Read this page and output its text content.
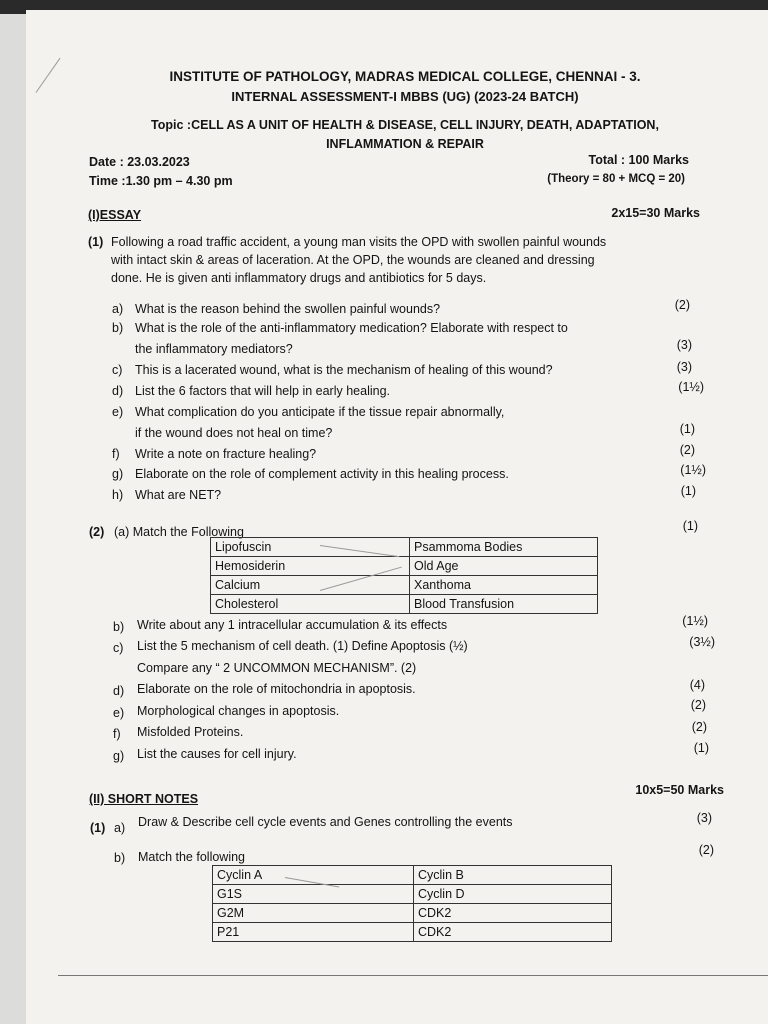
INSTITUTE OF PATHOLOGY, MADRAS MEDICAL COLLEGE, CHENNAI - 3.
INTERNAL ASSESSMENT-I MBBS (UG) (2023-24 BATCH)
Topic :CELL AS A UNIT OF HEALTH & DISEASE, CELL INJURY, DEATH, ADAPTATION,
INFLAMMATION & REPAIR
Date : 23.03.2023
Time :1.30 pm – 4.30 pm
Total : 100 Marks
(Theory = 80 + MCQ = 20)
(I)ESSAY	2x15=30 Marks
(1) Following a road traffic accident, a young man visits the OPD with swollen painful wounds
with intact skin & areas of laceration. At the OPD, the wounds are cleaned and dressing
done. He is given anti inflammatory drugs and antibiotics for 5 days.
a) What is the reason behind the swollen painful wounds?	(2)
b) What is the role of the anti-inflammatory medication? Elaborate with respect to
the inflammatory mediators?	(3)
c) This is a lacerated wound, what is the mechanism of healing of this wound?	(3)
d) List the 6 factors that will help in early healing.	(1½)
e) What complication do you anticipate if the tissue repair abnormally,
if the wound does not heal on time?	(1)
f) Write a note on fracture healing?	(2)
g) Elaborate on the role of complement activity in this healing process.	(1½)
h) What are NET?	(1)
(2) (a) Match the Following	(1)
Lipofuscin	Psammoma Bodies
Hemosiderin	Old Age
Calcium	Xanthoma
Cholesterol	Blood Transfusion
b) Write about any 1 intracellular accumulation & its effects	(1½)
c) List the 5 mechanism of cell death. (1) Define Apoptosis (½)
Compare any “ 2 UNCOMMON MECHANISM”. (2)
(3½)
d) Elaborate on the role of mitochondria in apoptosis.	(4)
e) Morphological changes in apoptosis.	(2)
f) Misfolded Proteins.	(2)
g) List the causes for cell injury.	(1)
(II) SHORT NOTES
10x5=50 Marks
(1) a) Draw & Describe cell cycle events and Genes controlling the events	(3)
b) Match the following	(2)
Cyclin A	Cyclin B
G1S	Cyclin D
G2M	CDK2
P21	CDK2
